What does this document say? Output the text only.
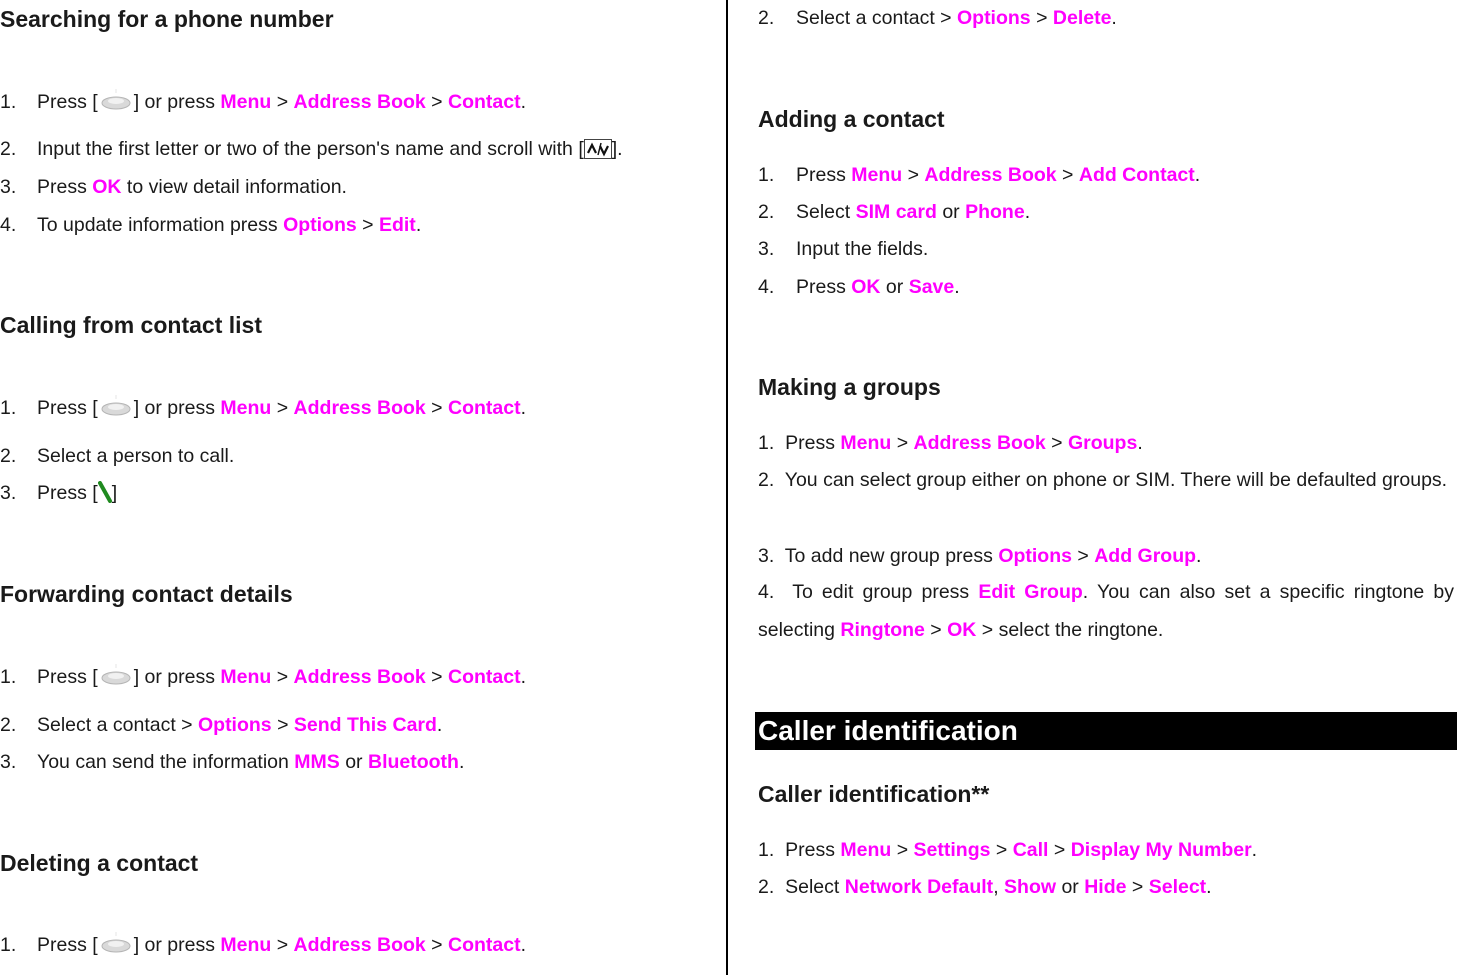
Searching for a phone number
1. Press [ ] or press Menu > Address Book > Contact.
2. Input the first letter or two of the person's name and scroll with [ ].
3. Press OK to view detail information.
4. To update information press Options > Edit.
Calling from contact list
1. Press [ ] or press Menu > Address Book > Contact.
2. Select a person to call.
3. Press [ ]
Forwarding contact details
1. Press [ ] or press Menu > Address Book > Contact.
2. Select a contact > Options > Send This Card.
3. You can send the information MMS or Bluetooth.
Deleting a contact
1. Press [ ] or press Menu > Address Book > Contact.
2. Select a contact > Options > Delete.
Adding a contact
1. Press Menu > Address Book > Add Contact.
2. Select SIM card or Phone.
3. Input the fields.
4. Press OK or Save.
Making a groups
1. Press Menu > Address Book > Groups.
2. You can select group either on phone or SIM. There will be defaulted groups.
3. To add new group press Options > Add Group.
4. To edit group press Edit Group. You can also set a specific ringtone by selecting Ringtone > OK > select the ringtone.
Caller identification
Caller identification**
1. Press Menu > Settings > Call > Display My Number.
2. Select Network Default, Show or Hide > Select.
